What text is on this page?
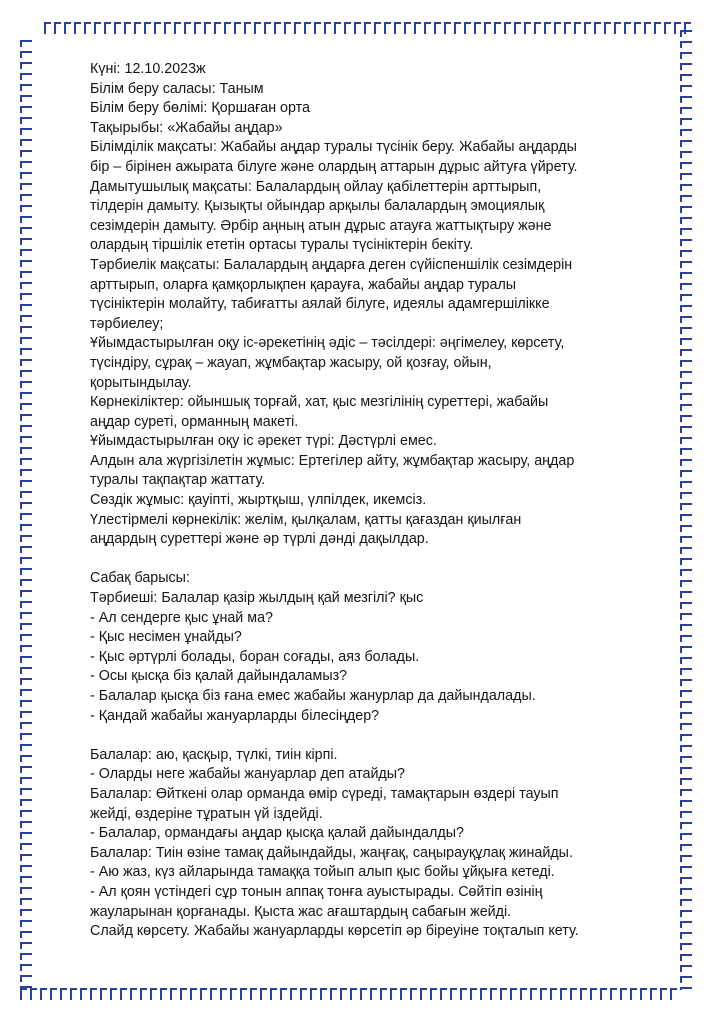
Күні: 12.10.2023ж
Білім беру саласы: Таным
Білім беру бөлімі: Қоршаған орта
Тақырыбы: «Жабайы аңдар»
Білімділік мақсаты: Жабайы аңдар туралы түсінік беру. Жабайы аңдарды
бір – бірінен ажырата білуге және олардың аттарын дұрыс айтуға үйрету.
Дамытушылық мақсаты: Балалардың ойлау қабілеттерін арттырып,
тілдерін дамыту. Қызықты ойындар арқылы балалардың эмоциялық
сезімдерін дамыту. Әрбір аңның атын дұрыс атауға жаттықтыру және
олардың тіршілік ететін ортасы туралы түсініктерін бекіту.
Тәрбиелік мақсаты: Балалардың аңдарға деген сүйіспеншілік сезімдерін
арттырып, оларға қамқорлықпен қарауға, жабайы аңдар туралы
түсініктерін молайту, табиғатты аялай білуге, идеялы адамгершілікке
тәрбиелеу;
Ұйымдастырылған оқу іс-әрекетінің әдіс – тәсілдері: әңгімелеу, көрсету,
түсіндіру, сұрақ – жауап, жұмбақтар жасыру, ой қозғау, ойын,
қорытындылау.
Көрнекіліктер: ойыншық торғай, хат, қыс мезгілінің суреттері, жабайы
аңдар суреті, орманның макеті.
Ұйымдастырылған оқу іс әрекет түрі: Дәстүрлі емес.
Алдын ала жүргізілетін жұмыс: Ертегілер айту, жұмбақтар жасыру, аңдар
туралы тақпақтар жаттату.
Сөздік жұмыс: қауіпті, жыртқыш, үлпілдек, икемсіз.
Үлестірмелі көрнекілік: желім, қылқалам, қатты қағаздан қиылған
аңдардың суреттері және әр түрлі дәнді дақылдар.
Сабақ барысы:
Тәрбиеші: Балалар қазір жылдың қай мезгілі? қыс
- Ал сендерге қыс ұнай ма?
- Қыс несімен ұнайды?
- Қыс әртүрлі болады, боран соғады, аяз болады.
- Осы қысқа біз қалай дайындаламыз?
- Балалар қысқа біз ғана емес жабайы жанурлар да дайындалады.
- Қандай жабайы жануарларды білесіңдер?
Балалар: аю, қасқыр, түлкі, тиін кірпі.
- Оларды неге жабайы жануарлар деп атайды?
Балалар: Өйткені олар орманда өмір сүреді, тамақтарын өздері тауып
жейді, өздеріне тұратын үй іздейді.
- Балалар, ормандағы аңдар қысқа қалай дайындалды?
Балалар: Тиін өзіне тамақ дайындайды, жаңғақ, саңырауқұлақ жинайды.
- Аю жаз, күз айларында тамаққа тойып алып қыс бойы ұйқыға кетеді.
- Ал қоян үстіндегі сұр тонын аппақ тонға ауыстырады. Сөйтіп өзінің
жауларынан қорғанады. Қыста жас ағаштардың сабағын жейді.
Слайд көрсету. Жабайы жануарларды көрсетіп әр біреуіне тоқталып кету.
